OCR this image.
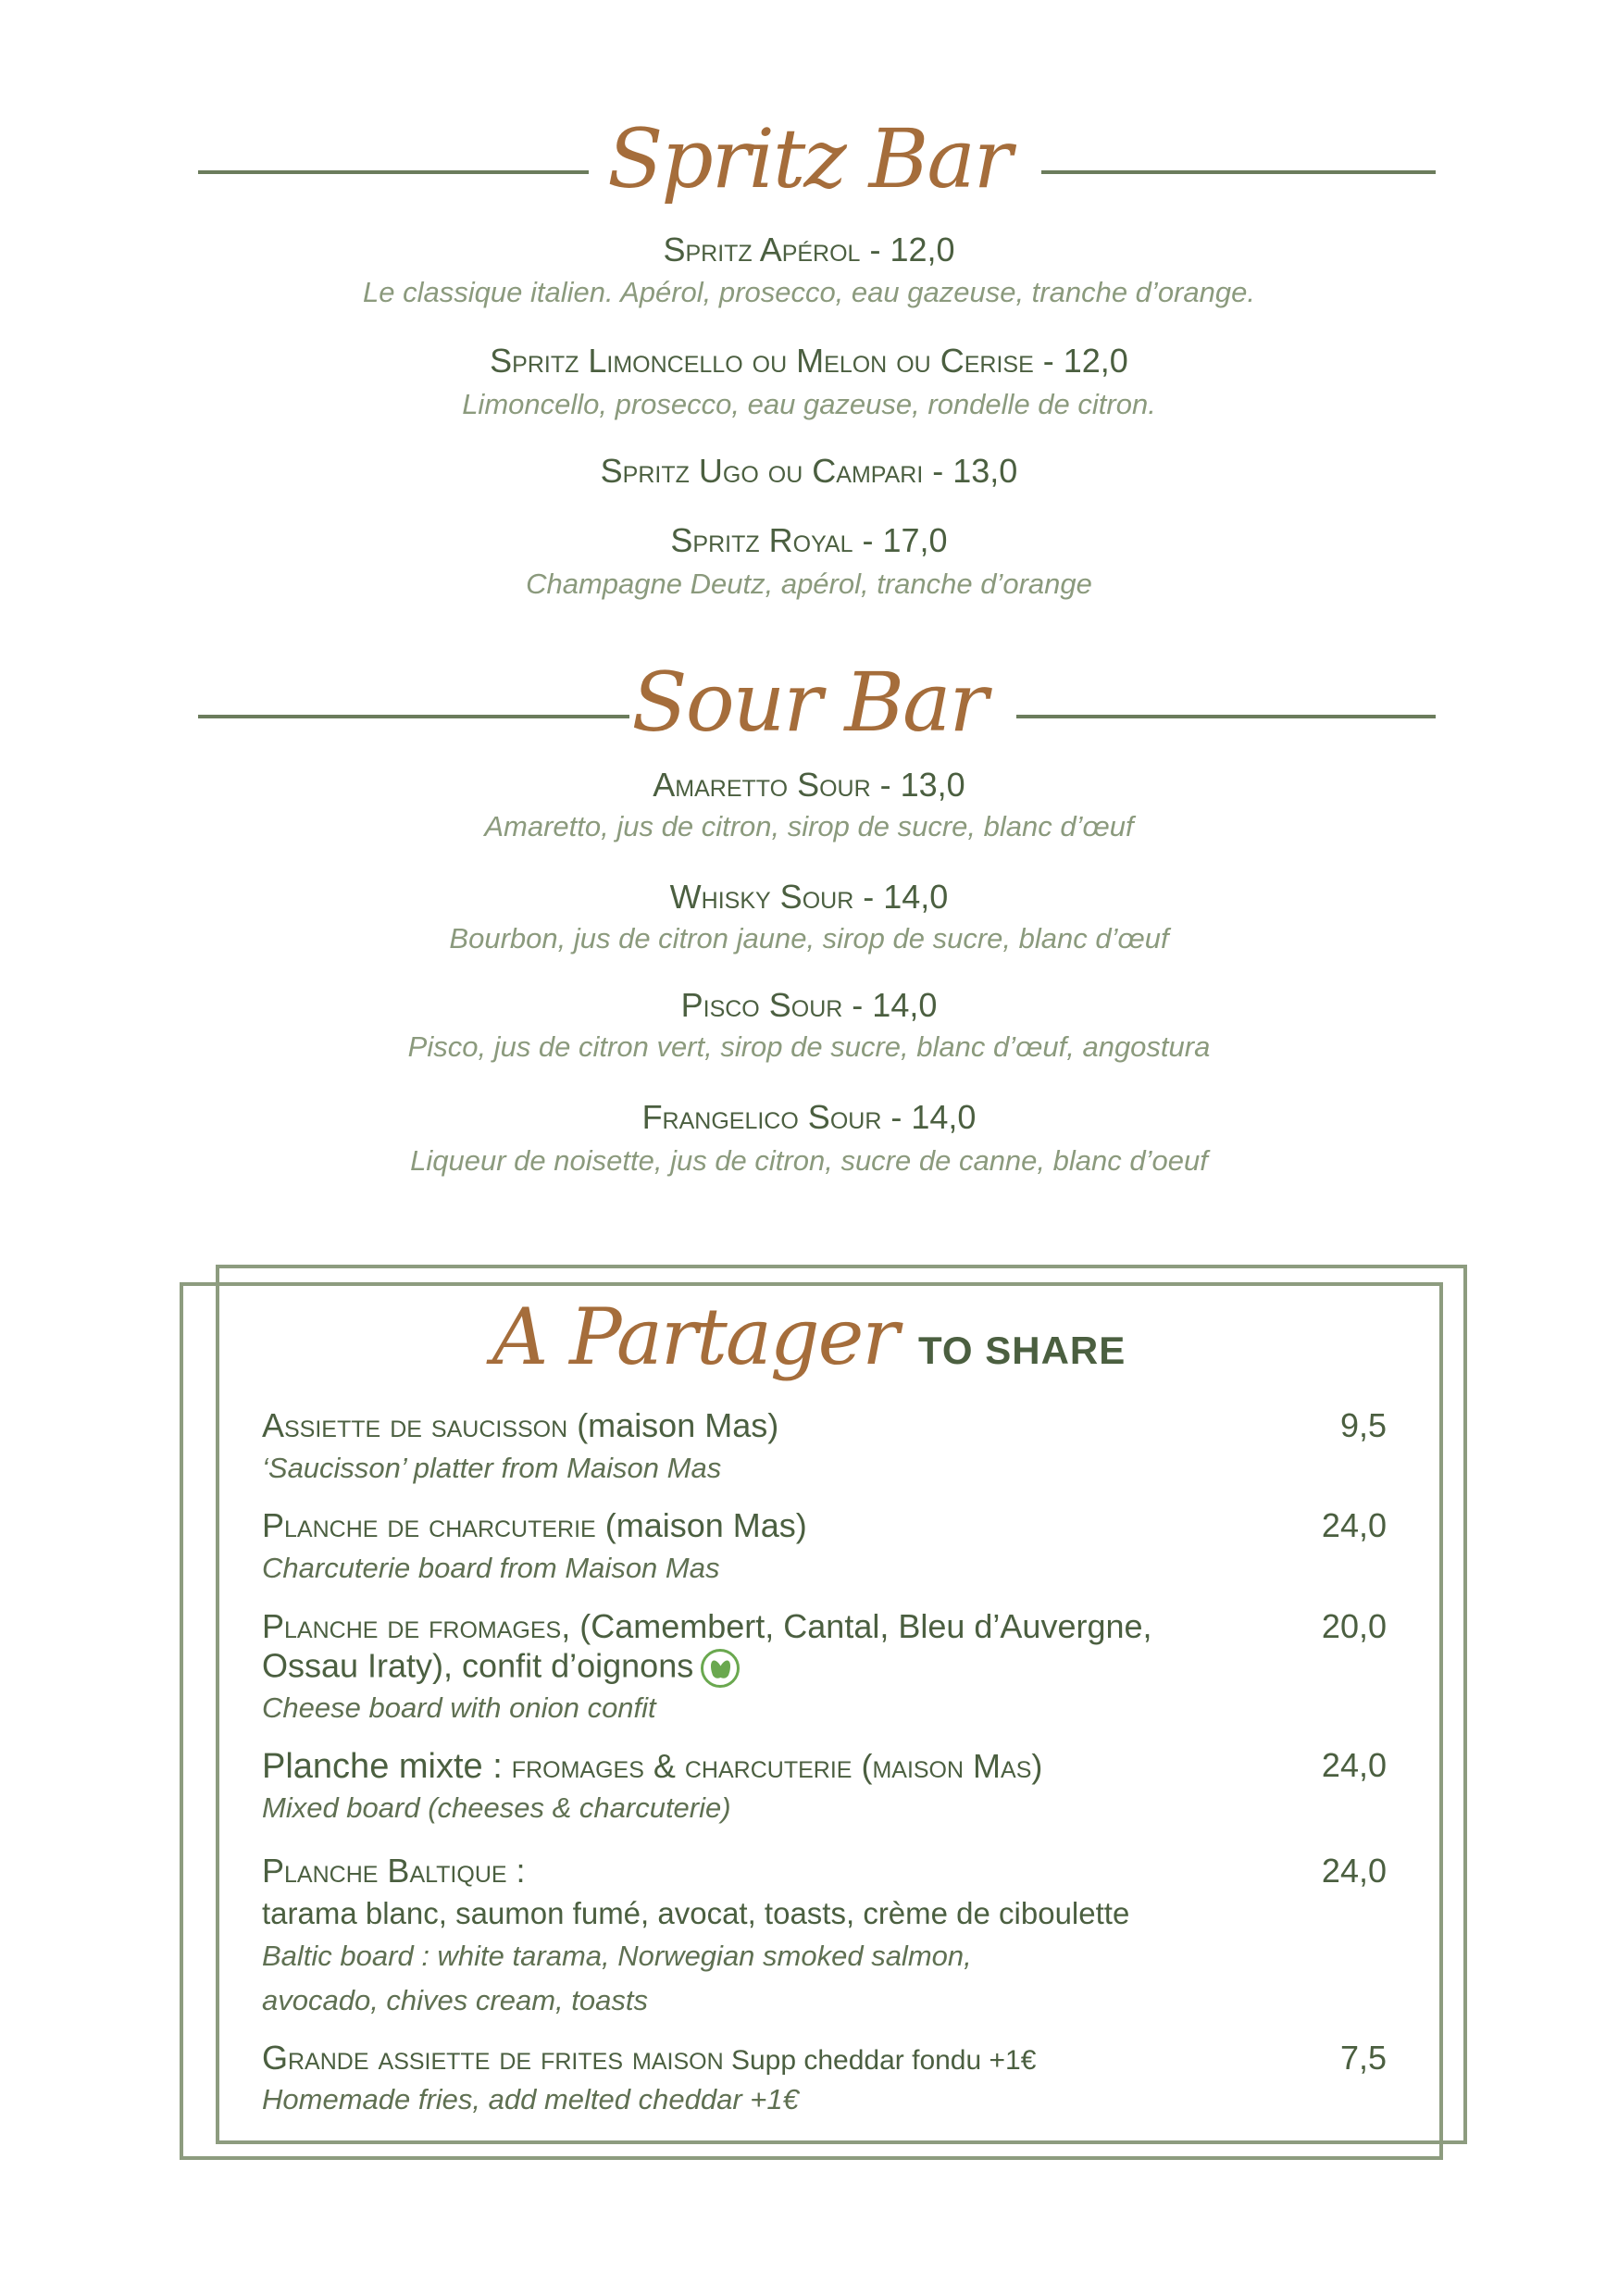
Spritz Bar
Spritz Apérol - 12,0
Le classique italien. Apérol, prosecco, eau gazeuse, tranche d’orange.
Spritz Limoncello ou Melon ou Cerise - 12,0
Limoncello, prosecco, eau gazeuse, rondelle de citron.
Spritz Ugo ou Campari - 13,0
Spritz Royal - 17,0
Champagne Deutz, apérol, tranche d’orange
Sour Bar
Amaretto Sour - 13,0
Amaretto, jus de citron, sirop de sucre, blanc d’œuf
Whisky Sour - 14,0
Bourbon, jus de citron jaune, sirop de sucre, blanc d’œuf
Pisco Sour - 14,0
Pisco, jus de citron vert, sirop de sucre, blanc d’œuf, angostura
Frangelico Sour - 14,0
Liqueur de noisette, jus de citron, sucre de canne, blanc d’oeuf
A Partager TO SHARE
Assiette de saucisson (maison Mas)	9,5
‘Saucisson’ platter from Maison Mas
Planche de charcuterie (maison Mas)	24,0
Charcuterie board from Maison Mas
Planche de fromages, (Camembert, Cantal, Bleu d’Auvergne,	20,0
Ossau Iraty), confit d’oignons
Cheese board with onion confit
Planche mixte : fromages & charcuterie (maison Mas)	24,0
Mixed board (cheeses & charcuterie)
Planche Baltique :	24,0
tarama blanc, saumon fumé, avocat, toasts, crème de ciboulette
Baltic board : white tarama, Norwegian smoked salmon,
avocado, chives cream, toasts
Grande assiette de frites maison Supp cheddar fondu +1€	7,5
Homemade fries, add melted cheddar +1€
